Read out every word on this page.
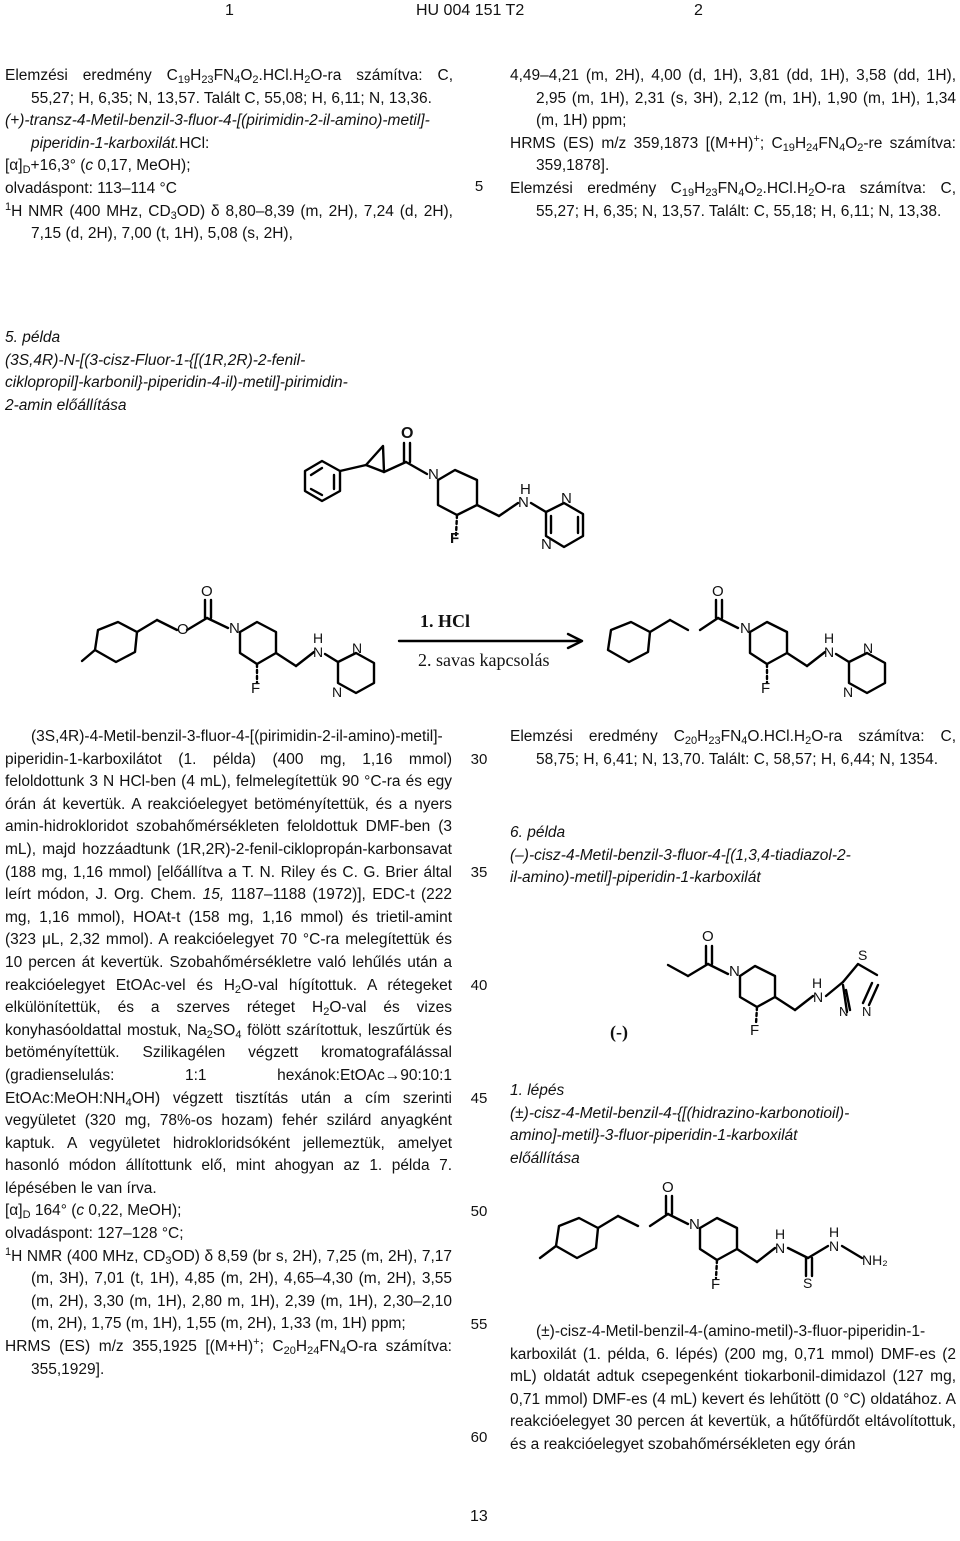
1	HU 004 151 T2	2

Elemzési eredmény $C_{19}H_{23}FN_4O_2.HCl.H_2O-ra$ számítva: C, 55,27; H, 6,35; N, 13,57. Talált C, 55,08; H, 6,11; N, 13,36.

(+)-transz-4-Metil-benzil-3-fluor-4-[(pirimidin-2-il-amino)-metil]-piperidin-1-karboxilát.HCl:

$[\alpha]_D+16,3^\circ$ (c 0,17, MeOH);

olvadáspont: 113–114 °C

$^1$H NMR (400 MHz, $CD_3OD$) δ 8,80–8,39 (m, 2H), 7,24 (d, 2H), 7,15 (d, 2H), 7,00 (t, 1H), 5,08 (s, 2H),

5

4,49–4,21 (m, 2H), 4,00 (d, 1H), 3,81 (dd, 1H), 3,58 (dd, 1H), 2,95 (m, 1H), 2,31 (s, 3H), 2,12 (m, 1H), 1,90 (m, 1H), 1,34 (m, 1H) ppm;

HRMS (ES) m/z 359,1873 [(M+H)+; $C_{19}H_{24}FN_4O_2-re$ számítva: 359,1878].

Elemzési eredmény $C_{19}H_{23}FN_4O_2.HCl.H_2O-ra$ számítva: C, 55,27; H, 6,35; N, 13,57. Talált: C, 55,18; H, 6,11; N, 13,38.

5. példa

(3S,4R)-N-[(3-cisz-Fluor-1-{[(1R,2R)-2-fenil-

ciklopropil]-karbonil}-piperidin-4-il)-metil]-pirimidin-

2-amin előállítása

O
N
H
N N
N
F
O
O	N
F
H
N N
N
1. HCl
2. savas kapcsolás
O
N
F
H
N N
N

(3S,4R)-4-Metil-benzil-3-fluor-4-[(pirimidin-2-il-amino)-metil]-piperidin-1-karboxilátot (1. példa) (400 mg, 1,16 mmol) feloldottunk 3 N HCl-ben (4 mL), felmelegítettük 90 °C-ra és egy órán át kevertük. A reakcióelegyet betöményítettük, és a nyers amin-hidrokloridot szobahőmérsékleten feloldottuk DMF-ben (3 mL), majd hozzáadtunk (1R,2R)-2-fenil-ciklopropán-karbonsavat (188 mg, 1,16 mmol) [előállítva a T. N. Riley és C. G. Brier által leírt módon, J. Org. Chem. 15, 1187–1188 (1972)], EDC-t (222 mg, 1,16 mmol), HOAt-t (158 mg, 1,16 mmol) és trietil-amint (323 μL, 2,32 mmol). A reakcióelegyet 70 °C-ra melegítettük és 10 percen át kevertük. Szobahőmérsékletre való lehűlés után a reakcióelegyet EtOAc-vel és $H_2O$-val hígítottuk. A rétegeket elkülönítettük, és a szerves réteget $H_2O$-val és vizes konyhasóoldattal mostuk, $Na_2SO_4$ fölött szárítottuk, leszűrtük és betöményítettük. Szilikagélen végzett kromatografálással (gradienselulás: 1:1 hexánok:EtOAc→90:10:1 $EtOAc:MeOH:NH_4OH$) végzett tisztítás után a cím szerinti vegyületet (320 mg, 78%-os hozam) fehér szilárd anyagként kaptuk. A vegyületet hidrokloridsóként jellemeztük, amelyet hasonló módon állítottunk elő, mint ahogyan az 1. példa 7. lépésében le van írva.

$[\alpha]_D$ 164° (c 0,22, MeOH);

olvadáspont: 127–128 °C;

$^1$H NMR (400 MHz, $CD_3OD$) δ 8,59 (br s, 2H), 7,25 (m, 2H), 7,17 (m, 3H), 7,01 (t, 1H), 4,85 (m, 2H), 4,65–4,30 (m, 2H), 3,55 (m, 2H), 3,30 (m, 1H), 2,80 m, 1H), 2,39 (m, 1H), 2,30–2,10 (m, 2H), 1,75 (m, 1H), 1,55 (m, 2H), 1,33 (m, 1H) ppm;

HRMS (ES) m/z 355,1925 [(M+H)+; $C_{20}H_{24}FN_4O-ra$ számítva: 355,1929].

30
35
40
45
50
55
60

Elemzési eredmény $C_{20}H_{23}FN_4O.HCl.H_2O-ra$ számítva: C, 58,75; H, 6,41; N, 13,70. Talált: C, 58,57; H, 6,44; N, 1354.

6. példa

(–)-cisz-4-Metil-benzil-3-fluor-4-[(1,3,4-tiadiazol-2-

il-amino)-metil]-piperidin-1-karboxilát

O
N
F
H
N
S
N N
(-)

1. lépés

(±)-cisz-4-Metil-benzil-4-{[(hidrazino-karbonotioil)-

amino]-metil}-3-fluor-piperidin-1-karboxilát

előállítása

O
N
F
H
N
H
N
S
NH₂

(±)-cisz-4-Metil-benzil-4-(amino-metil)-3-fluor-piperidin-1-karboxilát (1. példa, 6. lépés) (200 mg, 0,71 mmol) DMF-es (2 mL) oldatát adtuk csepegenként tiokarbonil-dimidazol (127 mg, 0,71 mmol) DMF-es (4 mL) kevert és lehűtött (0 °C) oldatához. A reakcióelegyet 30 percen át kevertük, a hűtőfürdőt eltávolítottuk, és a reakcióelegyet szobahőmérsékleten egy órán

13
